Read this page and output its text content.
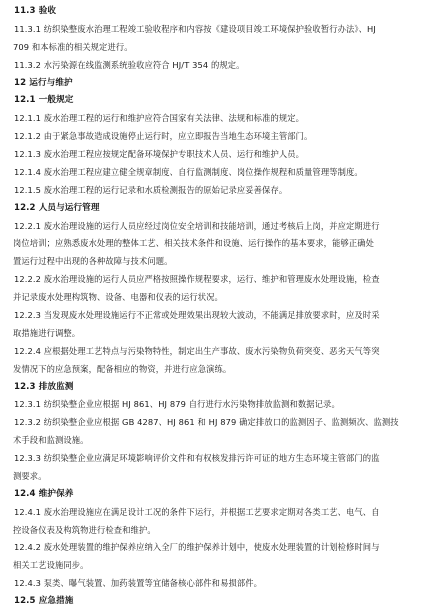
11.3 验收
11.3.1 纺织染整废水治理工程竣工验收程序和内容按《建设项目竣工环境保护验收暂行办法》、HJ
709 和本标准的相关规定进行。
11.3.2 水污染源在线监测系统验收应符合 HJ/T 354 的规定。
12 运行与维护
12.1 一般规定
12.1.1 废水治理工程的运行和维护应符合国家有关法律、法规和标准的规定。
12.1.2 由于紧急事故造成设施停止运行时，应立即报告当地生态环境主管部门。
12.1.3 废水治理工程应按规定配备环境保护专职技术人员、运行和维护人员。
12.1.4 废水治理工程应建立健全规章制度、自行监测制度、岗位操作规程和质量管理等制度。
12.1.5 废水治理工程的运行记录和水质检测报告的原始记录应妥善保存。
12.2 人员与运行管理
12.2.1 废水治理设施的运行人员应经过岗位安全培训和技能培训，通过考核后上岗，并应定期进行
岗位培训；应熟悉废水处理的整体工艺、相关技术条件和设施、运行操作的基本要求，能够正确处
置运行过程中出现的各种故障与技术问题。
12.2.2 废水治理设施的运行人员应严格按照操作规程要求，运行、维护和管理废水处理设施，检查
并记录废水处理构筑物、设备、电器和仪表的运行状况。
12.2.3 当发现废水处理设施运行不正常或处理效果出现较大波动，不能满足排放要求时，应及时采
取措施进行调整。
12.2.4 应根据处理工艺特点与污染物特性，制定出生产事故、废水污染物负荷突变、恶劣天气等突
发情况下的应急预案，配备相应的物资，并进行应急演练。
12.3 排放监测
12.3.1 纺织染整企业应根据 HJ 861、HJ 879 自行进行水污染物排放监测和数据记录。
12.3.2 纺织染整企业应根据 GB 4287、HJ 861 和 HJ 879 确定排放口的监测因子、监测频次、监测技
术手段和监测设施。
12.3.3 纺织染整企业应满足环境影响评价文件和有权核发排污许可证的地方生态环境主管部门的监
测要求。
12.4 维护保养
12.4.1 废水治理设施应在满足设计工况的条件下运行，并根据工艺要求定期对各类工艺、电气、自
控设备仪表及构筑物进行检查和维护。
12.4.2 废水处理装置的维护保养应纳入全厂的维护保养计划中，使废水处理装置的计划检修时间与
相关工艺设施同步。
12.4.3 泵类、曝气装置、加药装置等宜储备核心部件和易损部件。
12.5 应急措施
